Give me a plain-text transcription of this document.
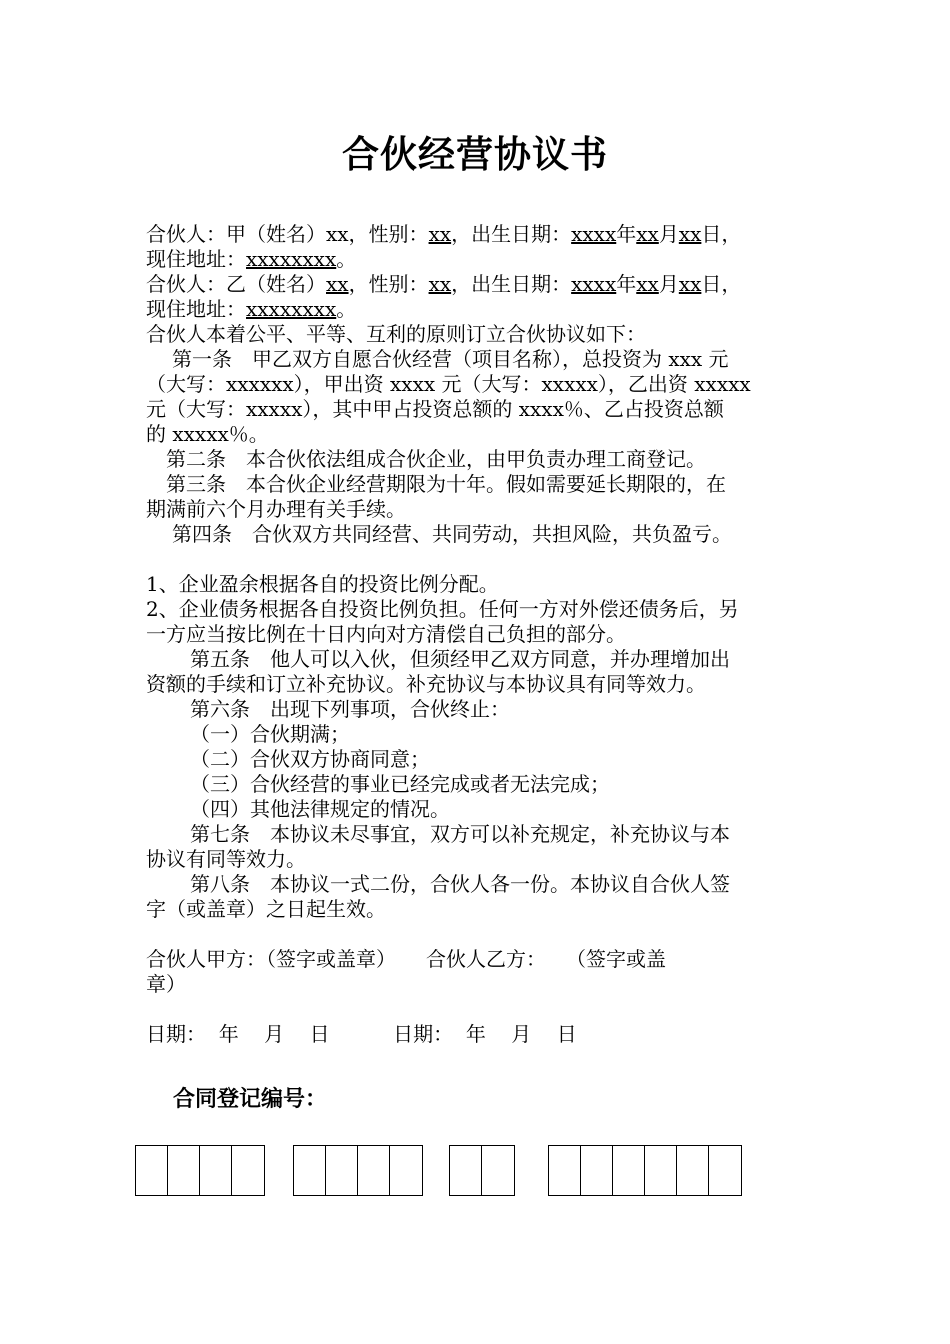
合伙经营协议书
合伙人：甲（姓名）xx，性别：xx，出生日期：xxxx年xx月xx日，
现住地址：xxxxxxxx。
合伙人：乙（姓名）xx，性别：xx，出生日期：xxxx年xx月xx日，
现住地址：xxxxxxxx。
合伙人本着公平、平等、互利的原则订立合伙协议如下：
第一条　甲乙双方自愿合伙经营（项目名称），总投资为 xxx 元
（大写：xxxxxx），甲出资 xxxx 元（大写：xxxxx），乙出资 xxxxx
元（大写：xxxxx），其中甲占投资总额的 xxxx％、乙占投资总额
的 xxxxx％。
第二条　本合伙依法组成合伙企业，由甲负责办理工商登记。
第三条　本合伙企业经营期限为十年。假如需要延长期限的，在
期满前六个月办理有关手续。
第四条　合伙双方共同经营、共同劳动，共担风险，共负盈亏。
1、企业盈余根据各自的投资比例分配。
2、企业债务根据各自投资比例负担。任何一方对外偿还债务后，另
一方应当按比例在十日内向对方清偿自己负担的部分。
第五条　他人可以入伙，但须经甲乙双方同意，并办理增加出
资额的手续和订立补充协议。补充协议与本协议具有同等效力。
第六条　出现下列事项，合伙终止：
（一）合伙期满；
（二）合伙双方协商同意；
（三）合伙经营的事业已经完成或者无法完成；
（四）其他法律规定的情况。
第七条　本协议未尽事宜，双方可以补充规定，补充协议与本
协议有同等效力。
第八条　本协议一式二份，合伙人各一份。本协议自合伙人签
字（或盖章）之日起生效。
合伙人甲方：（签字或盖章）　　合伙人乙方：　　（签字或盖
章）
日期：  年    月    日          日期：  年    月    日
合同登记编号：
